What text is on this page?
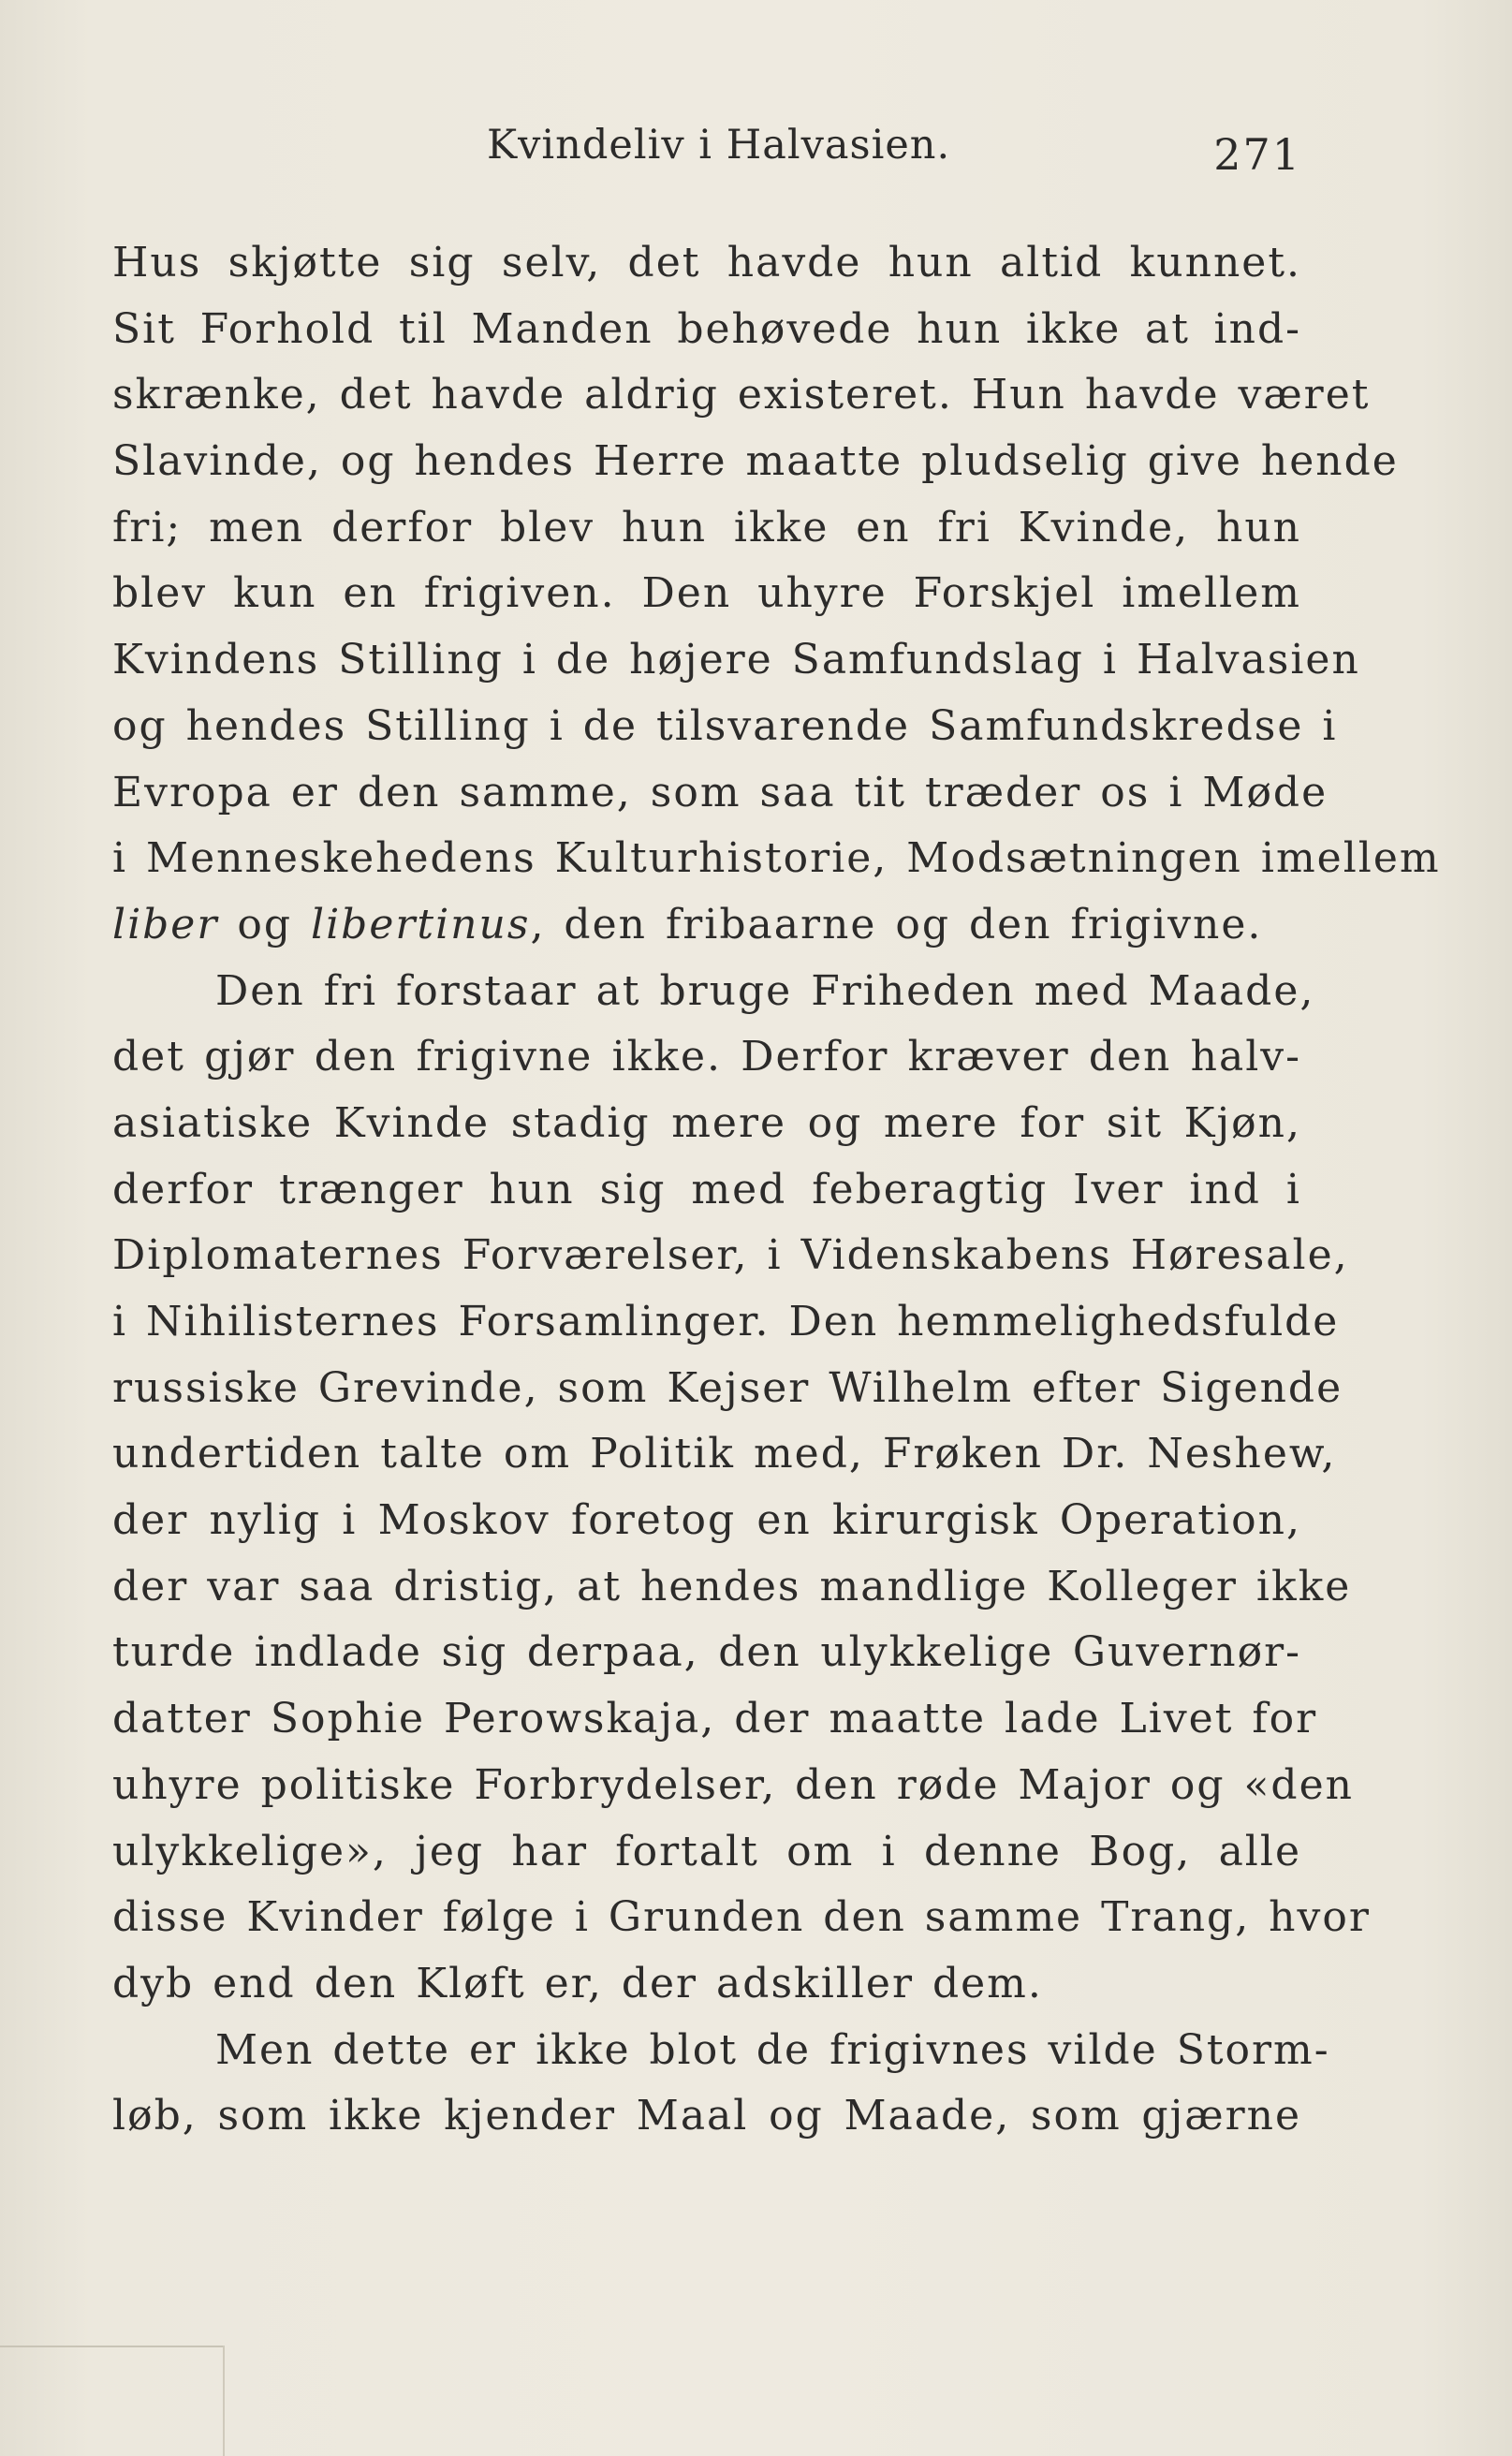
Kvindeliv i Halvasien.	271
Hus skjøtte sig selv, det havde hun altid kunnet.
Sit Forhold til Manden behøvede hun ikke at ind-
skrænke, det havde aldrig existeret. Hun havde været
Slavinde, og hendes Herre maatte pludselig give hende
fri; men derfor blev hun ikke en fri Kvinde, hun
blev kun en frigiven. Den uhyre Forskjel imellem
Kvindens Stilling i de højere Samfundslag i Halvasien
og hendes Stilling i de tilsvarende Samfundskredse i
Evropa er den samme, som saa tit træder os i Møde
i Menneskehedens Kulturhistorie, Modsætningen imellem
liber og libertinus, den fribaarne og den frigivne.
Den fri forstaar at bruge Friheden med Maade,
det gjør den frigivne ikke. Derfor kræver den halv-
asiatiske Kvinde stadig mere og mere for sit Kjøn,
derfor trænger hun sig med feberagtig Iver ind i
Diplomaternes Forværelser, i Videnskabens Høresale,
i Nihilisternes Forsamlinger. Den hemmelighedsfulde
russiske Grevinde, som Kejser Wilhelm efter Sigende
undertiden talte om Politik med, Frøken Dr. Neshew,
der nylig i Moskov foretog en kirurgisk Operation,
der var saa dristig, at hendes mandlige Kolleger ikke
turde indlade sig derpaa, den ulykkelige Guvernør-
datter Sophie Perowskaja, der maatte lade Livet for
uhyre politiske Forbrydelser, den røde Major og «den
ulykkelige», jeg har fortalt om i denne Bog, alle
disse Kvinder følge i Grunden den samme Trang, hvor
dyb end den Kløft er, der adskiller dem.
Men dette er ikke blot de frigivnes vilde Storm-
løb, som ikke kjender Maal og Maade, som gjærne
